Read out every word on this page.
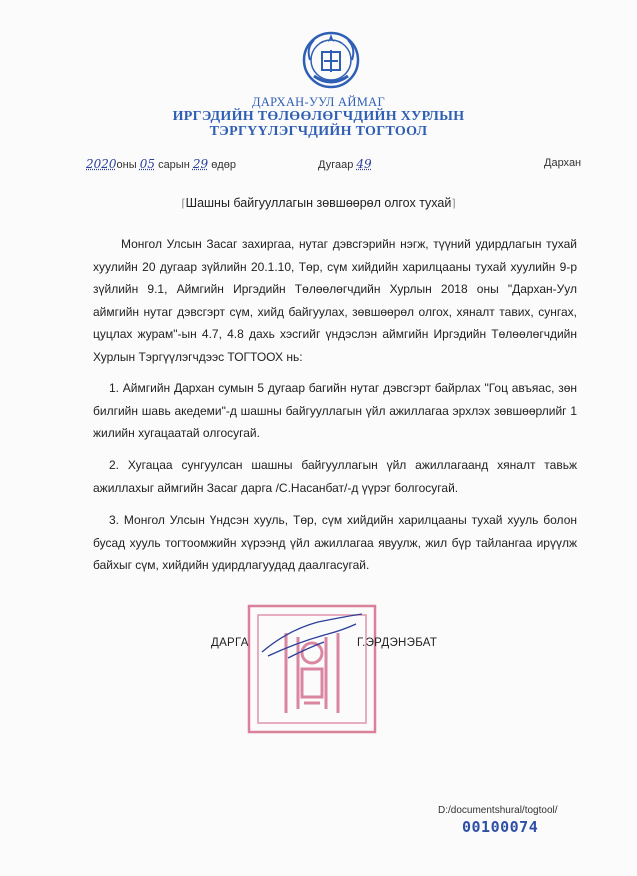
ДАРХАН-УУЛ АЙМАГ
ИРГЭДИЙН ТӨЛӨӨЛӨГЧДИЙН ХУРЛЫН
ТЭРГҮҮЛЭГЧДИЙН ТОГТООЛ
2020оны 05 сарын 29 өдөр	Дугаар 49	Дархан
⌈Шашны байгууллагын зөвшөөрөл олгох тухай⌉

Монгол Улсын Засаг захиргаа, нутаг дэвсгэрийн нэгж, түүний удирдлагын тухай хуулийн 20 дугаар зүйлийн 20.1.10, Төр, сүм хийдийн харилцааны тухай хуулийн 9-р зүйлийн 9.1, Аймгийн Иргэдийн Төлөөлөгчдийн Хурлын 2018 оны "Дархан-Уул аймгийн нутаг дэвсгэрт сүм, хийд байгуулах, зөвшөөрөл олгох, хяналт тавих, сунгах, цуцлах журам"-ын 4.7, 4.8 дахь хэсгийг үндэслэн аймгийн Иргэдийн Төлөөлөгчдийн Хурлын Тэргүүлэгчдээс ТОГТООХ нь:

1. Аймгийн Дархан сумын 5 дугаар багийн нутаг дэвсгэрт байрлах "Гоц авъяас, зөн билгийн шавь акедеми"-д шашны байгууллагын үйл ажиллагаа эрхлэх зөвшөөрлийг 1 жилийн хугацаатай олгосугай.

2. Хугацаа сунгуулсан шашны байгууллагын үйл ажиллагаанд хяналт тавьж ажиллахыг аймгийн Засаг дарга /С.Насанбат/-д үүрэг болгосугай.

3. Монгол Улсын Үндсэн хууль, Төр, сүм хийдийн харилцааны тухай хууль болон бусад хууль тогтоомжийн хүрээнд үйл ажиллагаа явуулж, жил бүр тайлангаа ирүүлж байхыг сүм, хийдийн удирдлагуудад даалгасугай.

ДАРГА	Г.ЭРДЭНЭБАТ
D:/documentshural/togtool/
00100074
